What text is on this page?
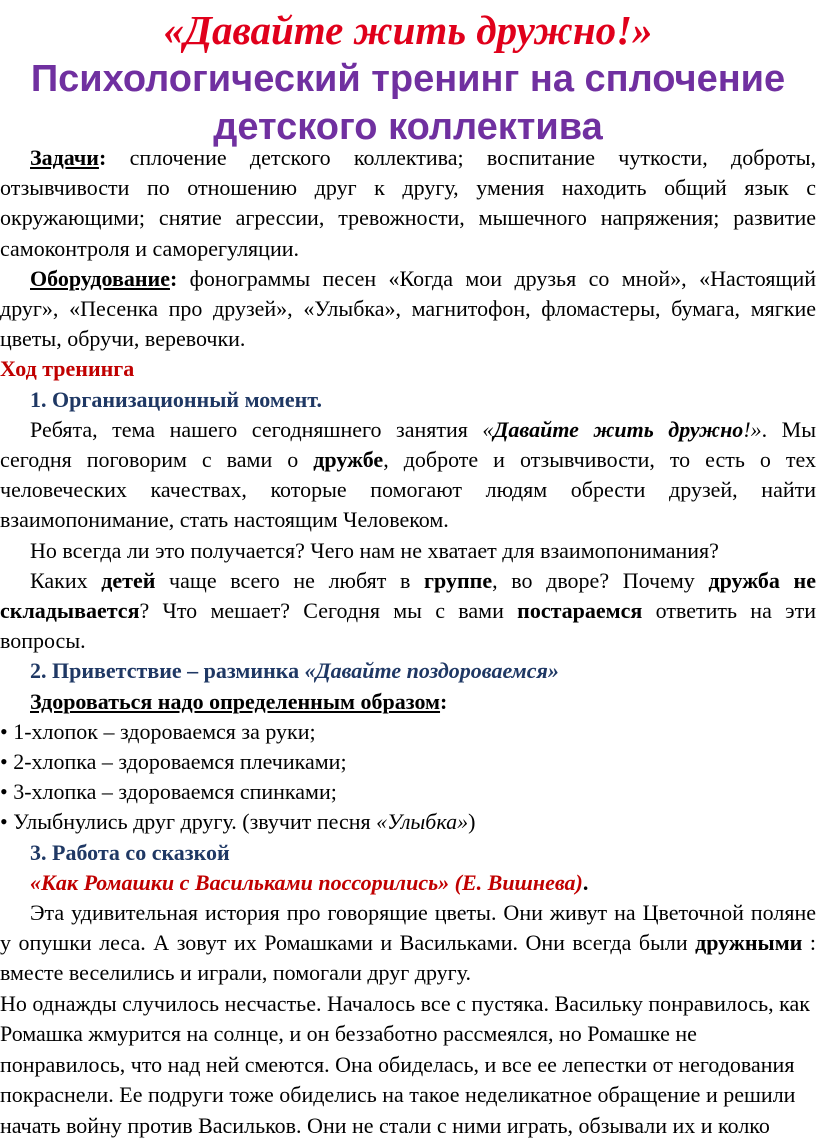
«Давайте жить дружно!»
Психологический тренинг на сплочение
детского коллектива

Задачи: сплочение детского коллектива; воспитание чуткости, доброты, отзывчивости по отношению друг к другу, умения находить общий язык с окружающими; снятие агрессии, тревожности, мышечного напряжения; развитие самоконтроля и саморегуляции.

Оборудование: фонограммы песен «Когда мои друзья со мной», «Настоящий друг», «Песенка про друзей», «Улыбка», магнитофон, фломастеры, бумага, мягкие цветы, обручи, веревочки.

Ход тренинга

1. Организационный момент.

Ребята, тема нашего сегодняшнего занятия «Давайте жить дружно!». Мы сегодня поговорим с вами о дружбе, доброте и отзывчивости, то есть о тех человеческих качествах, которые помогают людям обрести друзей, найти взаимопонимание, стать настоящим Человеком.

Но всегда ли это получается? Чего нам не хватает для взаимопонимания?

Каких детей чаще всего не любят в группе, во дворе? Почему дружба не складывается? Что мешает? Сегодня мы с вами постараемся ответить на эти вопросы.

2. Приветствие – разминка «Давайте поздороваемся»

Здороваться надо определенным образом:

• 1-хлопок – здороваемся за руки;

• 2-хлопка – здороваемся плечиками;

• 3-хлопка – здороваемся спинками;

• Улыбнулись друг другу. (звучит песня «Улыбка»)

3. Работа со сказкой

«Как Ромашки с Васильками поссорились» (Е. Вишнева).

Эта удивительная история про говорящие цветы. Они живут на Цветочной поляне у опушки леса. А зовут их Ромашками и Васильками. Они всегда были дружными : вместе веселились и играли, помогали друг другу.

Но однажды случилось несчастье. Началось все с пустяка. Васильку понравилось, как Ромашка жмурится на солнце, и он беззаботно рассмеялся, но Ромашке не понравилось, что над ней смеются. Она обиделась, и все ее лепестки от негодования покраснели. Ее подруги тоже обиделись на такое неделикатное обращение и решили начать войну против Васильков. Они не стали с ними играть, обзывали их и колко
